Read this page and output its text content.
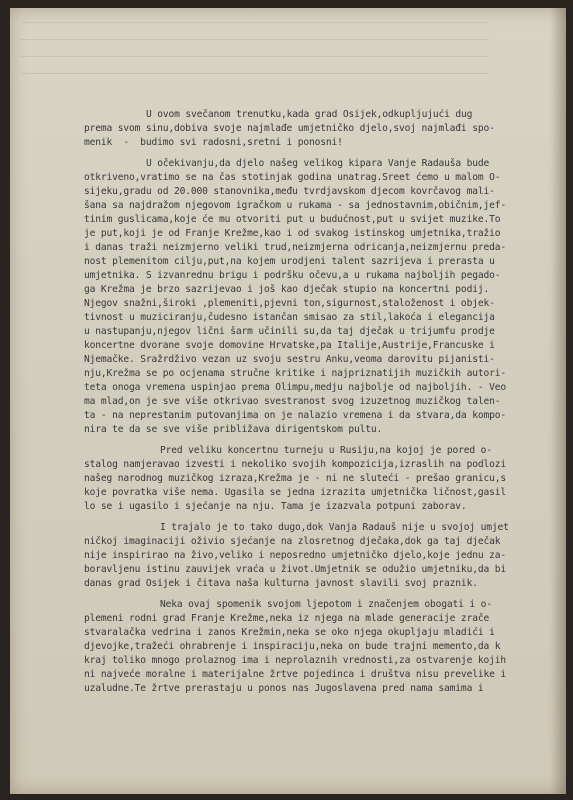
U ovom svečanom trenutku,kada grad Osijek,odkupljujući dug
prema svom sinu,dobiva svoje najmlađe umjetničko djelo,svoj najmlađi spo-
menik  -  budimo svi radosni,sretni i ponosni!
U očekivanju,da djelo našeg velikog kipara Vanje Radauša bude
otkriveno,vratimo se na čas stotinjak godina unatrag.Sreet ćemo u malom O-
sijeku,gradu od 20.000 stanovnika,među tvrdjavskom djecom kovrčavog mali-
šana sa najdražom njegovom igračkom u rukama - sa jednostavnim,običnim,jef-
tinim guslicama,koje će mu otvoriti put u budućnost,put u svijet muzike.To
je put,koji je od Franje Krežme,kao i od svakog istinskog umjetnika,tražio
i danas traži neizmjerno veliki trud,neizmjerna odricanja,neizmjernu preda-
nost plemenitom cilju,put,na kojem urodjeni talent sazrijeva i prerasta u
umjetnika. S izvanrednu brigu i podršku očevu,a u rukama najboljih pegado-
ga Krežma je brzo sazrijevao i još kao dječak stupio na koncertni podij.
Njegov snažni,široki ,plemeniti,pjevni ton,sigurnost,staloženost i objek-
tivnost u muziciranju,čudesno istančan smisao za stil,lakoća i elegancija
u nastupanju,njegov lični šarm učinili su,da taj dječak u trijumfu prodje
koncertne dvorane svoje domovine Hrvatske,pa Italije,Austrije,Francuske i
Njemačke. Sražrdživo vezan uz svoju sestru Anku,veoma darovitu pijanisti-
nju,Krežma se po ocjenama stručne kritike i najpriznatijih muzičkih autori-
teta onoga vremena uspinjao prema Olimpu,medju najbolje od najboljih. - Veo
ma mlad,on je sve više otkrivao svestranost svog izuzetnog muzičkog talen-
ta - na neprestanim putovanjima on je nalazio vremena i da stvara,da kompo-
nira te da se sve više približava dirigentskom pultu.
Pred veliku koncertnu turneju u Rusiju,na kojoj je pored o-
stalog namjeravao izvesti i nekoliko svojih kompozicija,izraslih na podlozi
našeg narodnog muzičkog izraza,Krežma je - ni ne sluteći - prešao granicu,s
koje povratka više nema. Ugasila se jedna izrazita umjetnička ličnost,gasil
lo se i ugasilo i sjećanje na nju. Tama je izazvala potpuni zaborav.
I trajalo je to tako dugo,dok Vanja Radauš nije u svojoj umjet
ničkoj imaginaciji oživio sjećanje na zlosretnog dječaka,dok ga taj dječak
nije inspirirao na živo,veliko i neposredno umjetničko djelo,koje jednu za-
boravljenu istinu zauvijek vraća u život.Umjetnik se odužio umjetniku,da bi
danas grad Osijek i čitava naša kulturna javnost slavili svoj praznik.
Neka ovaj spomenik svojom ljepotom i značenjem obogati i o-
plemeni rodni grad Franje Krežme,neka iz njega na mlade generacije zrače
stvaralačka vedrina i zanos Krežmin,neka se oko njega okupljaju mladići i
djevojke,tražeći ohrabrenje i inspiraciju,neka on bude trajni memento,da k
kraj toliko mnogo prolaznog ima i neprolaznih vrednosti,za ostvarenje kojih
ni najveće moralne i materijalne žrtve pojedinca i društva nisu prevelike i
uzaludne.Te žrtve prerastaju u ponos nas Jugoslavena pred nama samima i
